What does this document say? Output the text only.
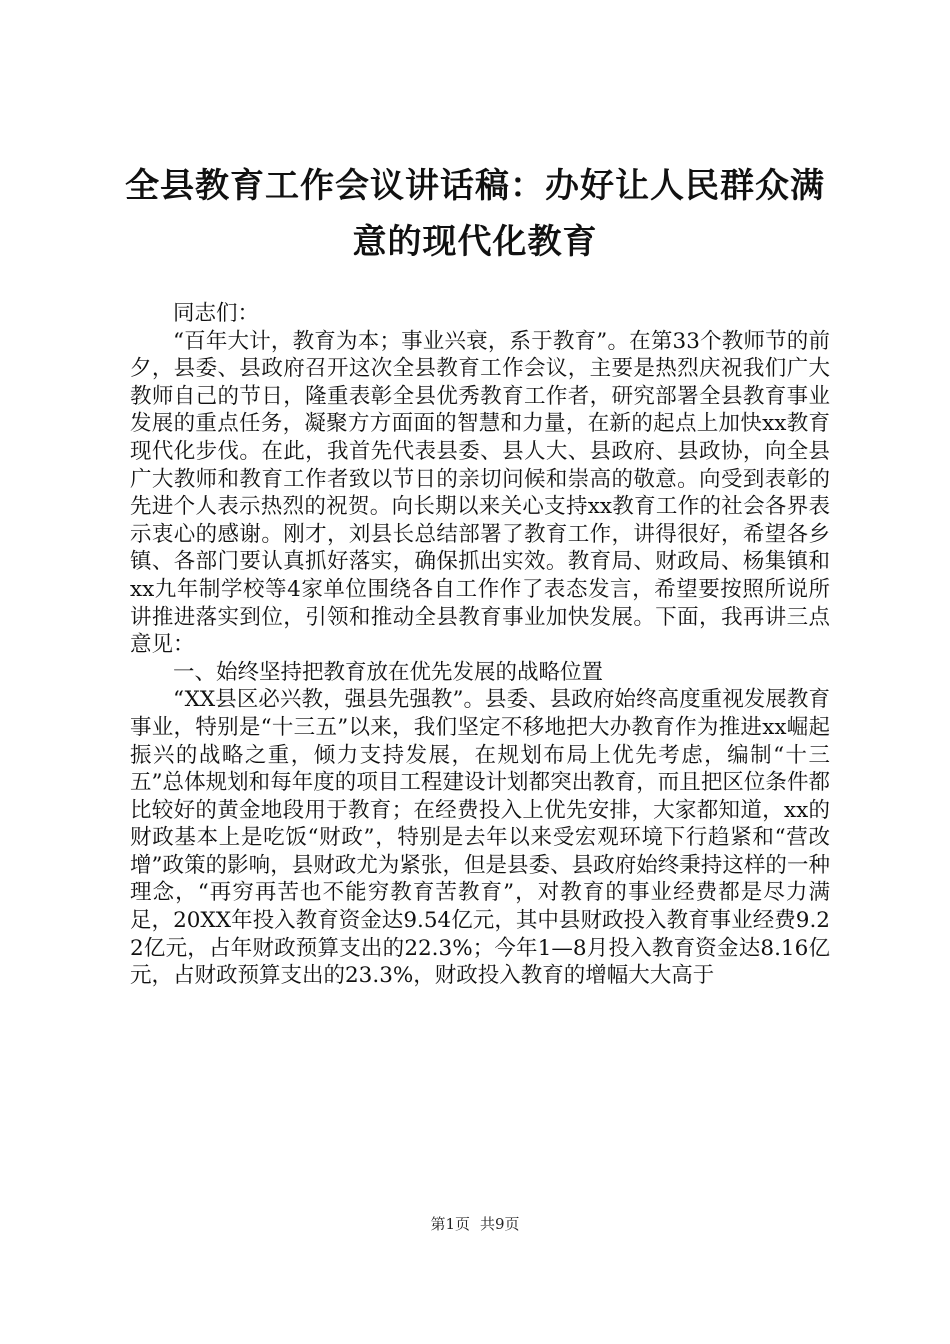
全县教育工作会议讲话稿：办好让人民群众满意的现代化教育

同志们：

“百年大计，教育为本；事业兴衰，系于教育”。在第33个教师节的前夕，县委、县政府召开这次全县教育工作会议，主要是热烈庆祝我们广大教师自己的节日，隆重表彰全县优秀教育工作者，研究部署全县教育事业发展的重点任务，凝聚方方面面的智慧和力量，在新的起点上加快xx教育现代化步伐。在此，我首先代表县委、县人大、县政府、县政协，向全县广大教师和教育工作者致以节日的亲切问候和崇高的敬意。向受到表彰的先进个人表示热烈的祝贺。向长期以来关心支持xx教育工作的社会各界表示衷心的感谢。刚才，刘县长总结部署了教育工作，讲得很好，希望各乡镇、各部门要认真抓好落实，确保抓出实效。教育局、财政局、杨集镇和xx九年制学校等4家单位围绕各自工作作了表态发言，希望要按照所说所讲推进落实到位，引领和推动全县教育事业加快发展。下面，我再讲三点意见：

一、始终坚持把教育放在优先发展的战略位置

“XX县区必兴教，强县先强教”。县委、县政府始终高度重视发展教育事业，特别是“十三五”以来，我们坚定不移地把大办教育作为推进xx崛起振兴的战略之重，倾力支持发展，在规划布局上优先考虑，编制“十三五”总体规划和每年度的项目工程建设计划都突出教育，而且把区位条件都比较好的黄金地段用于教育；在经费投入上优先安排，大家都知道，xx的财政基本上是吃饭“财政”，特别是去年以来受宏观环境下行趋紧和“营改增”政策的影响，县财政尤为紧张，但是县委、县政府始终秉持这样的一种理念，“再穷再苦也不能穷教育苦教育”，对教育的事业经费都是尽力满足，20XX年投入教育资金达9.54亿元，其中县财政投入教育事业经费9.22亿元，占年财政预算支出的22.3%；今年1—8月投入教育资金达8.16亿元，占财政预算支出的23.3%，财政投入教育的增幅大大高于

第1页 共9页
